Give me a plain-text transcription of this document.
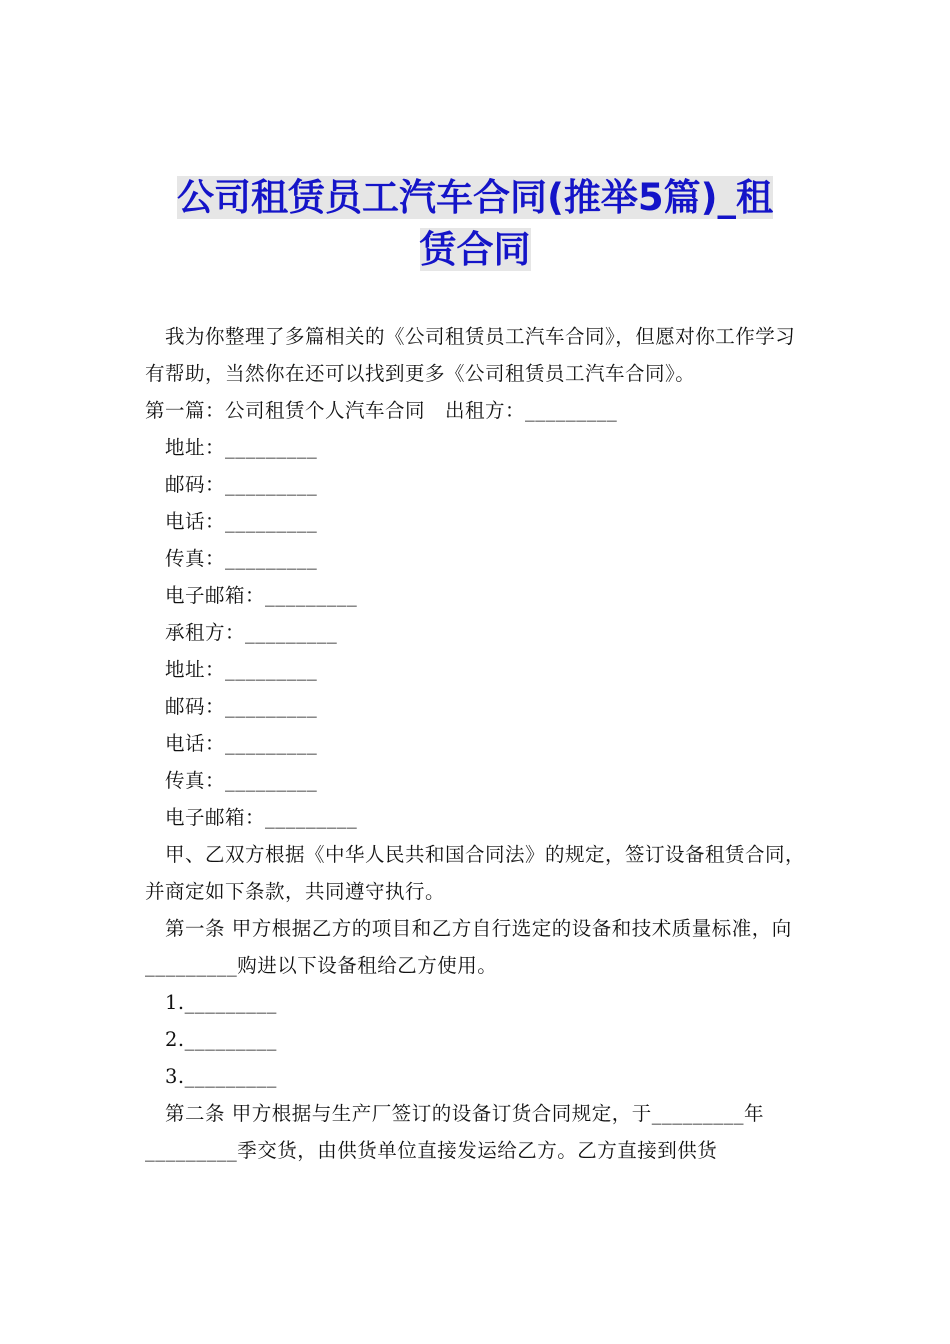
公司租赁员工汽车合同(推举5篇)_租
赁合同

我为你整理了多篇相关的《公司租赁员工汽车合同》，但愿对你工作学习有帮助，当然你在还可以找到更多《公司租赁员工汽车合同》。

第一篇：公司租赁个人汽车合同　出租方：_________

地址：_________

邮码：_________

电话：_________

传真：_________

电子邮箱：_________

承租方：_________

地址：_________

邮码：_________

电话：_________

传真：_________

电子邮箱：_________

甲、乙双方根据《中华人民共和国合同法》的规定，签订设备租赁合同，并商定如下条款，共同遵守执行。

第一条 甲方根据乙方的项目和乙方自行选定的设备和技术质量标准，向_________购进以下设备租给乙方使用。

1._________

2._________

3._________

第二条 甲方根据与生产厂签订的设备订货合同规定，于_________年_________季交货，由供货单位直接发运给乙方。乙方直接到供货
